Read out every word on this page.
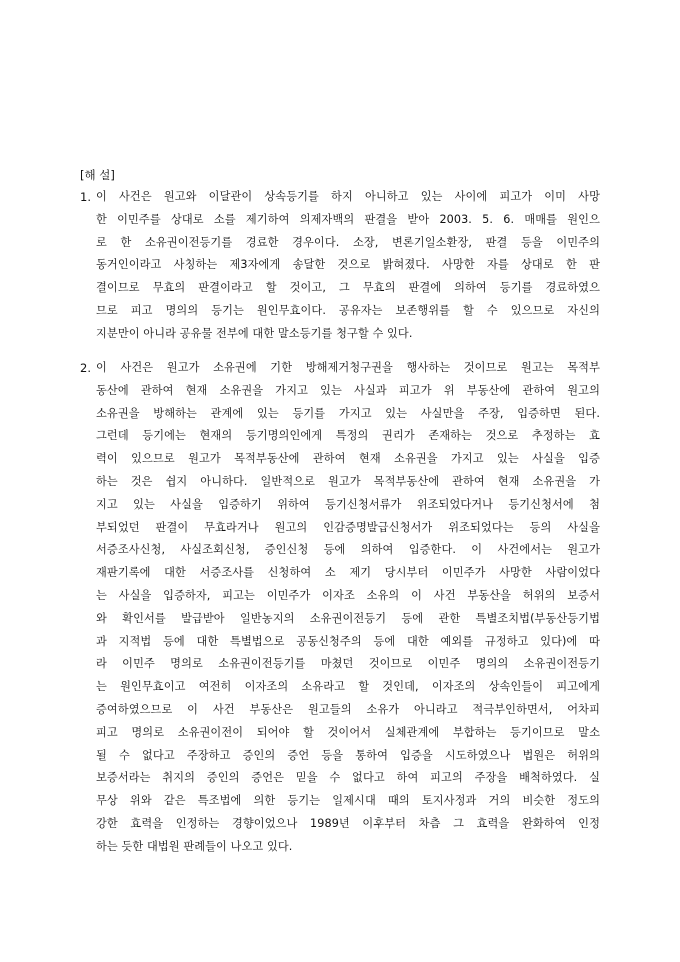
[해 설]
1. 이 사건은 원고와 이달관이 상속등기를 하지 아니하고 있는 사이에 피고가 이미 사망
한 이민주를 상대로 소를 제기하여 의제자백의 판결을 받아 2003. 5. 6. 매매를 원인으
로 한 소유권이전등기를 경료한 경우이다. 소장, 변론기일소환장, 판결 등을 이민주의
동거인이라고 사칭하는 제3자에게 송달한 것으로 밝혀졌다. 사망한 자를 상대로 한 판
결이므로 무효의 판결이라고 할 것이고, 그 무효의 판결에 의하여 등기를 경료하였으
므로 피고 명의의 등기는 원인무효이다. 공유자는 보존행위를 할 수 있으므로 자신의
지분만이 아니라 공유물 전부에 대한 말소등기를 청구할 수 있다.
2. 이 사건은 원고가 소유권에 기한 방해제거청구권을 행사하는 것이므로 원고는 목적부
동산에 관하여 현재 소유권을 가지고 있는 사실과 피고가 위 부동산에 관하여 원고의
소유권을 방해하는 관계에 있는 등기를 가지고 있는 사실만을 주장, 입증하면 된다.
그런데 등기에는 현재의 등기명의인에게 특정의 권리가 존재하는 것으로 추정하는 효
력이 있으므로 원고가 목적부동산에 관하여 현재 소유권을 가지고 있는 사실을 입증
하는 것은 쉽지 아니하다. 일반적으로 원고가 목적부동산에 관하여 현재 소유권을 가
지고 있는 사실을 입증하기 위하여 등기신청서류가 위조되었다거나 등기신청서에 첨
부되었던 판결이 무효라거나 원고의 인감증명발급신청서가 위조되었다는 등의 사실을
서증조사신청, 사실조회신청, 증인신청 등에 의하여 입증한다. 이 사건에서는 원고가
재판기록에 대한 서증조사를 신청하여 소 제기 당시부터 이민주가 사망한 사람이었다
는 사실을 입증하자, 피고는 이민주가 이자조 소유의 이 사건 부동산을 허위의 보증서
와 확인서를 발급받아 일반농지의 소유권이전등기 등에 관한 특별조치법(부동산등기법
과 지적법 등에 대한 특별법으로 공동신청주의 등에 대한 예외를 규정하고 있다)에 따
라 이민주 명의로 소유권이전등기를 마쳤던 것이므로 이민주 명의의 소유권이전등기
는 원인무효이고 여전히 이자조의 소유라고 할 것인데, 이자조의 상속인들이 피고에게
증여하였으므로 이 사건 부동산은 원고들의 소유가 아니라고 적극부인하면서, 어차피
피고 명의로 소유권이전이 되어야 할 것이어서 실체관계에 부합하는 등기이므로 말소
될 수 없다고 주장하고 증인의 증언 등을 통하여 입증을 시도하였으나 법원은 허위의
보증서라는 취지의 증인의 증언은 믿을 수 없다고 하여 피고의 주장을 배척하였다. 실
무상 위와 같은 특조법에 의한 등기는 일제시대 때의 토지사정과 거의 비슷한 정도의
강한 효력을 인정하는 경향이었으나 1989년 이후부터 차츰 그 효력을 완화하여 인정
하는 듯한 대법원 판례들이 나오고 있다.
